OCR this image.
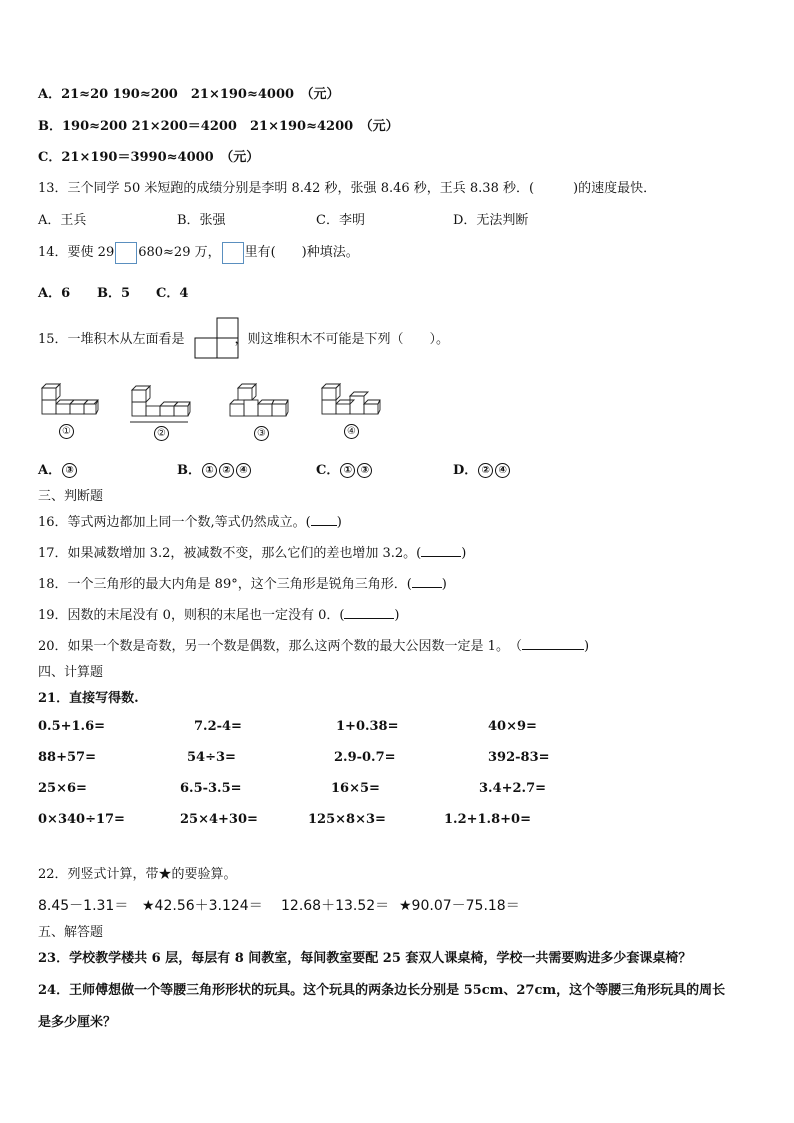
A．21≈20 190≈200　21×190≈4000　（元）
B．190≈200 21×200＝4200　21×190≈4200　（元）
C．21×190＝3990≈4000　（元）
13．三个同学 50 米短跑的成绩分别是李明 8.42 秒，张强 8.46 秒，王兵 8.38 秒．(　　　)的速度最快．
A．王兵	B．张强	C．李明	D．无法判断
14．要使 29 680≈29 万， 里有(　　)种填法。
A．6 B．5 C．4
15．一堆积木从左面看是	，则这堆积木不可能是下列（　　）。
①	②	③	④
A． ③	B． ① ② ④	C． ① ③	D． ② ④
三、判断题
16．等式两边都加上同一个数,等式仍然成立。( )
17．如果减数增加 3.2，被减数不变，那么它们的差也增加 3.2。(	)
18．一个三角形的最大内角是 89°，这个三角形是锐角三角形．( )
19．因数的末尾没有 0，则积的末尾也一定没有 0．(	)
20．如果一个数是奇数，另一个数是偶数，那么这两个数的最大公因数一定是 1。　（	)
四、计算题
21．直接写得数.
0.5+1.6=	7.2-4=	1+0.38=	40×9=
88+57=	54÷3=	2.9-0.7=	392-83=
25×6=	6.5-3.5=	16×5=	3.4+2.7=
0×340÷17=	25×4+30=	125×8×3=	1.2+1.8+0=
22．列竖式计算，带★的要验算。
8.45－1.31＝ ★42.56＋3.124＝ 12.68＋13.52＝ ★90.07－75.18＝
五、解答题
23．学校教学楼共 6 层，每层有 8 间教室，每间教室要配 25 套双人课桌椅，学校一共需要购进多少套课桌椅？
24．王师傅想做一个等腰三角形形状的玩具。这个玩具的两条边长分别是 55cm、27cm，这个等腰三角形玩具的周长
是多少厘米？
